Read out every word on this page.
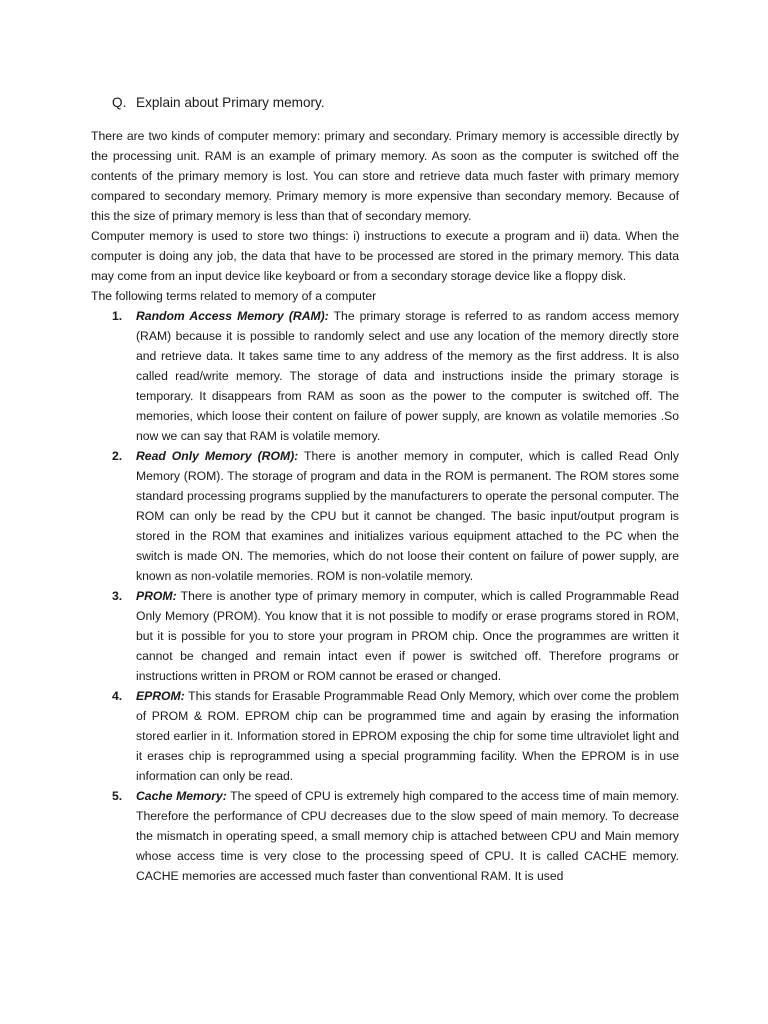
Q. Explain about Primary memory.

There are two kinds of computer memory: primary and secondary. Primary memory is accessible directly by the processing unit. RAM is an example of primary memory. As soon as the computer is switched off the contents of the primary memory is lost. You can store and retrieve data much faster with primary memory compared to secondary memory. Primary memory is more expensive than secondary memory. Because of this the size of primary memory is less than that of secondary memory.

Computer memory is used to store two things: i) instructions to execute a program and ii) data. When the computer is doing any job, the data that have to be processed are stored in the primary memory. This data may come from an input device like keyboard or from a secondary storage device like a floppy disk.

The following terms related to memory of a computer

1. Random Access Memory (RAM): The primary storage is referred to as random access memory (RAM) because it is possible to randomly select and use any location of the memory directly store and retrieve data. It takes same time to any address of the memory as the first address. It is also called read/write memory. The storage of data and instructions inside the primary storage is temporary. It disappears from RAM as soon as the power to the computer is switched off. The memories, which loose their content on failure of power supply, are known as volatile memories .So now we can say that RAM is volatile memory.
2. Read Only Memory (ROM): There is another memory in computer, which is called Read Only Memory (ROM). The storage of program and data in the ROM is permanent. The ROM stores some standard processing programs supplied by the manufacturers to operate the personal computer. The ROM can only be read by the CPU but it cannot be changed. The basic input/output program is stored in the ROM that examines and initializes various equipment attached to the PC when the switch is made ON. The memories, which do not loose their content on failure of power supply, are known as non-volatile memories. ROM is non-volatile memory.
3. PROM: There is another type of primary memory in computer, which is called Programmable Read Only Memory (PROM). You know that it is not possible to modify or erase programs stored in ROM, but it is possible for you to store your program in PROM chip. Once the programmes are written it cannot be changed and remain intact even if power is switched off. Therefore programs or instructions written in PROM or ROM cannot be erased or changed.
4. EPROM: This stands for Erasable Programmable Read Only Memory, which over come the problem of PROM & ROM. EPROM chip can be programmed time and again by erasing the information stored earlier in it. Information stored in EPROM exposing the chip for some time ultraviolet light and it erases chip is reprogrammed using a special programming facility. When the EPROM is in use information can only be read.
5. Cache Memory: The speed of CPU is extremely high compared to the access time of main memory. Therefore the performance of CPU decreases due to the slow speed of main memory. To decrease the mismatch in operating speed, a small memory chip is attached between CPU and Main memory whose access time is very close to the processing speed of CPU. It is called CACHE memory. CACHE memories are accessed much faster than conventional RAM. It is used
